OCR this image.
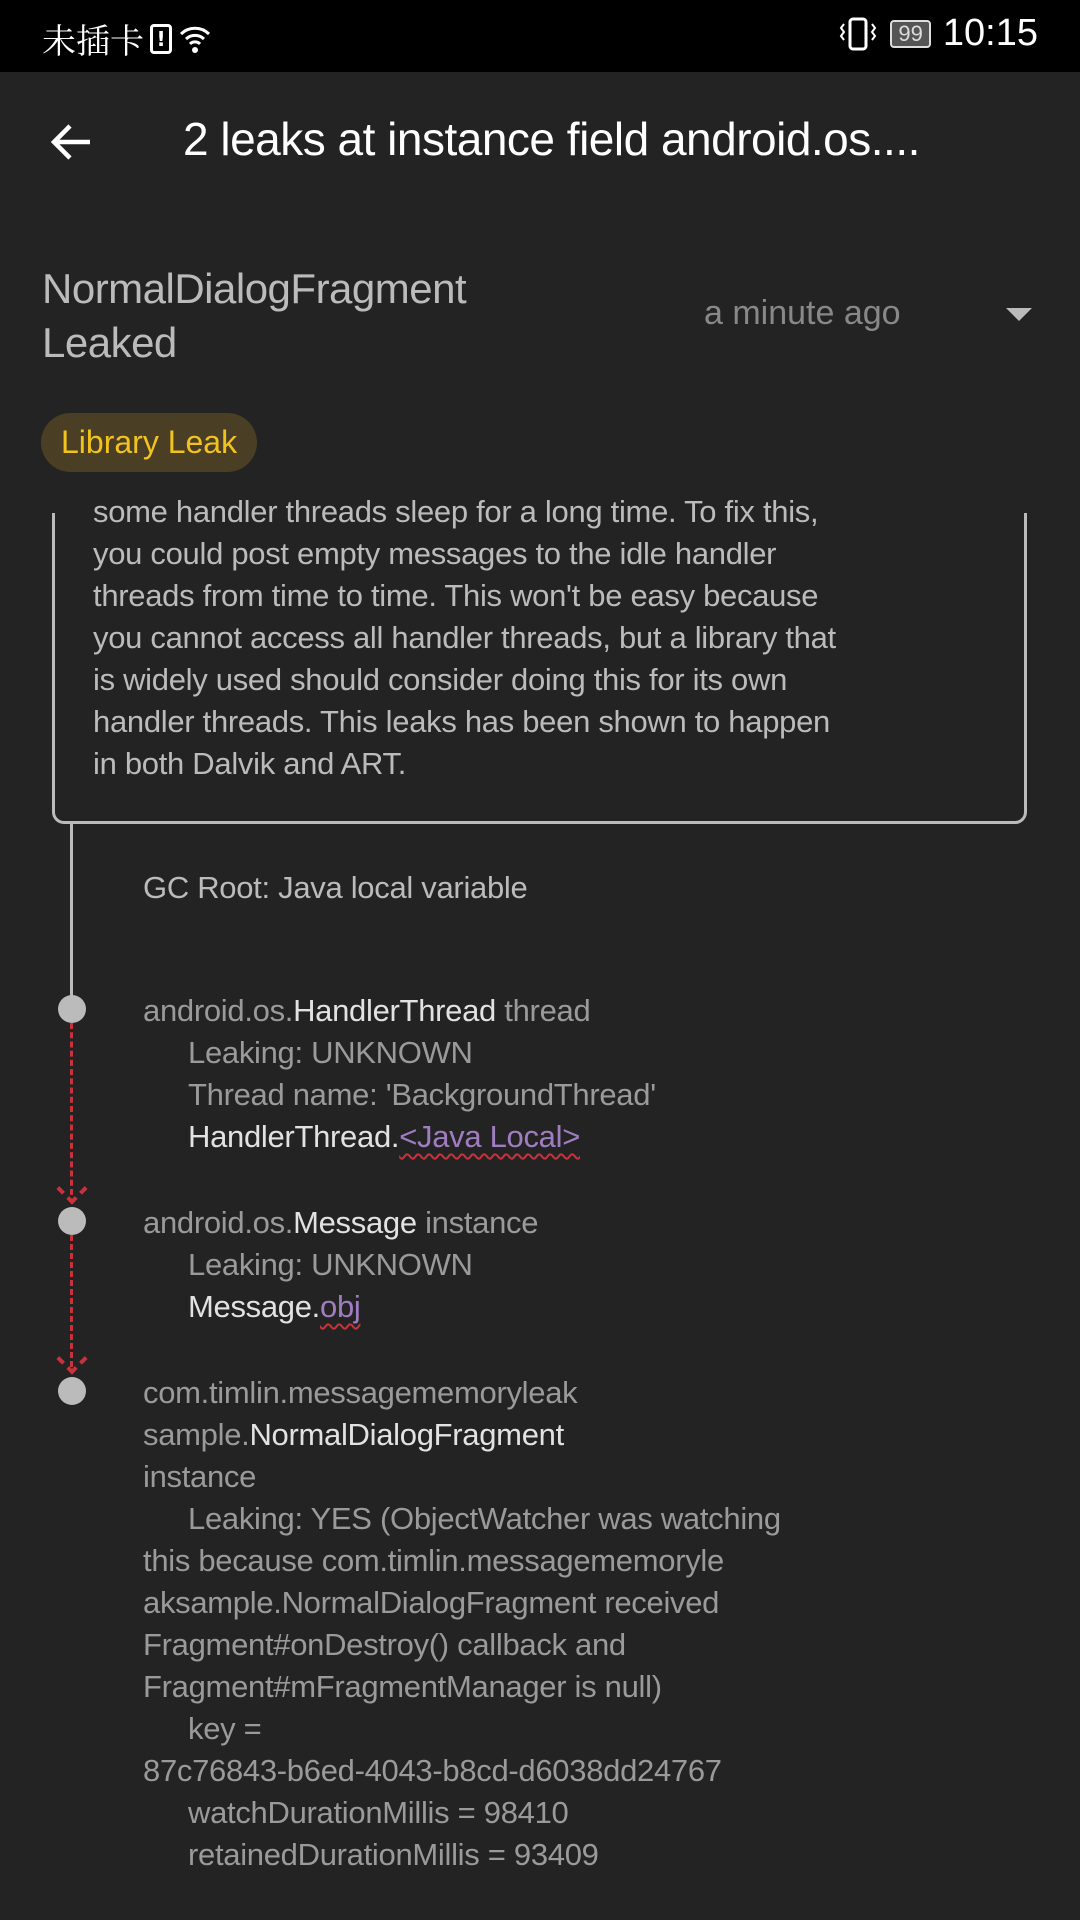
未插卡 !	99 10:15
2 leaks at instance field android.os....
NormalDialogFragment
Leaked
a minute ago
Library Leak
some handler threads sleep for a long time. To fix this,
you could post empty messages to the idle handler
threads from time to time. This won't be easy because
you cannot access all handler threads, but a library that
is widely used should consider doing this for its own
handler threads. This leaks has been shown to happen
in both Dalvik and ART.
GC Root: Java local variable
android.os.HandlerThread thread
Leaking: UNKNOWN
Thread name: 'BackgroundThread'
HandlerThread.<Java Local>
android.os.Message instance
Leaking: UNKNOWN
Message.obj
com.timlin.messagememoryleak
sample.NormalDialogFragment
instance
Leaking: YES (ObjectWatcher was watching
this because com.timlin.messagememoryle
aksample.NormalDialogFragment received
Fragment#onDestroy() callback and
Fragment#mFragmentManager is null)
key =
87c76843-b6ed-4043-b8cd-d6038dd24767
watchDurationMillis = 98410
retainedDurationMillis = 93409
